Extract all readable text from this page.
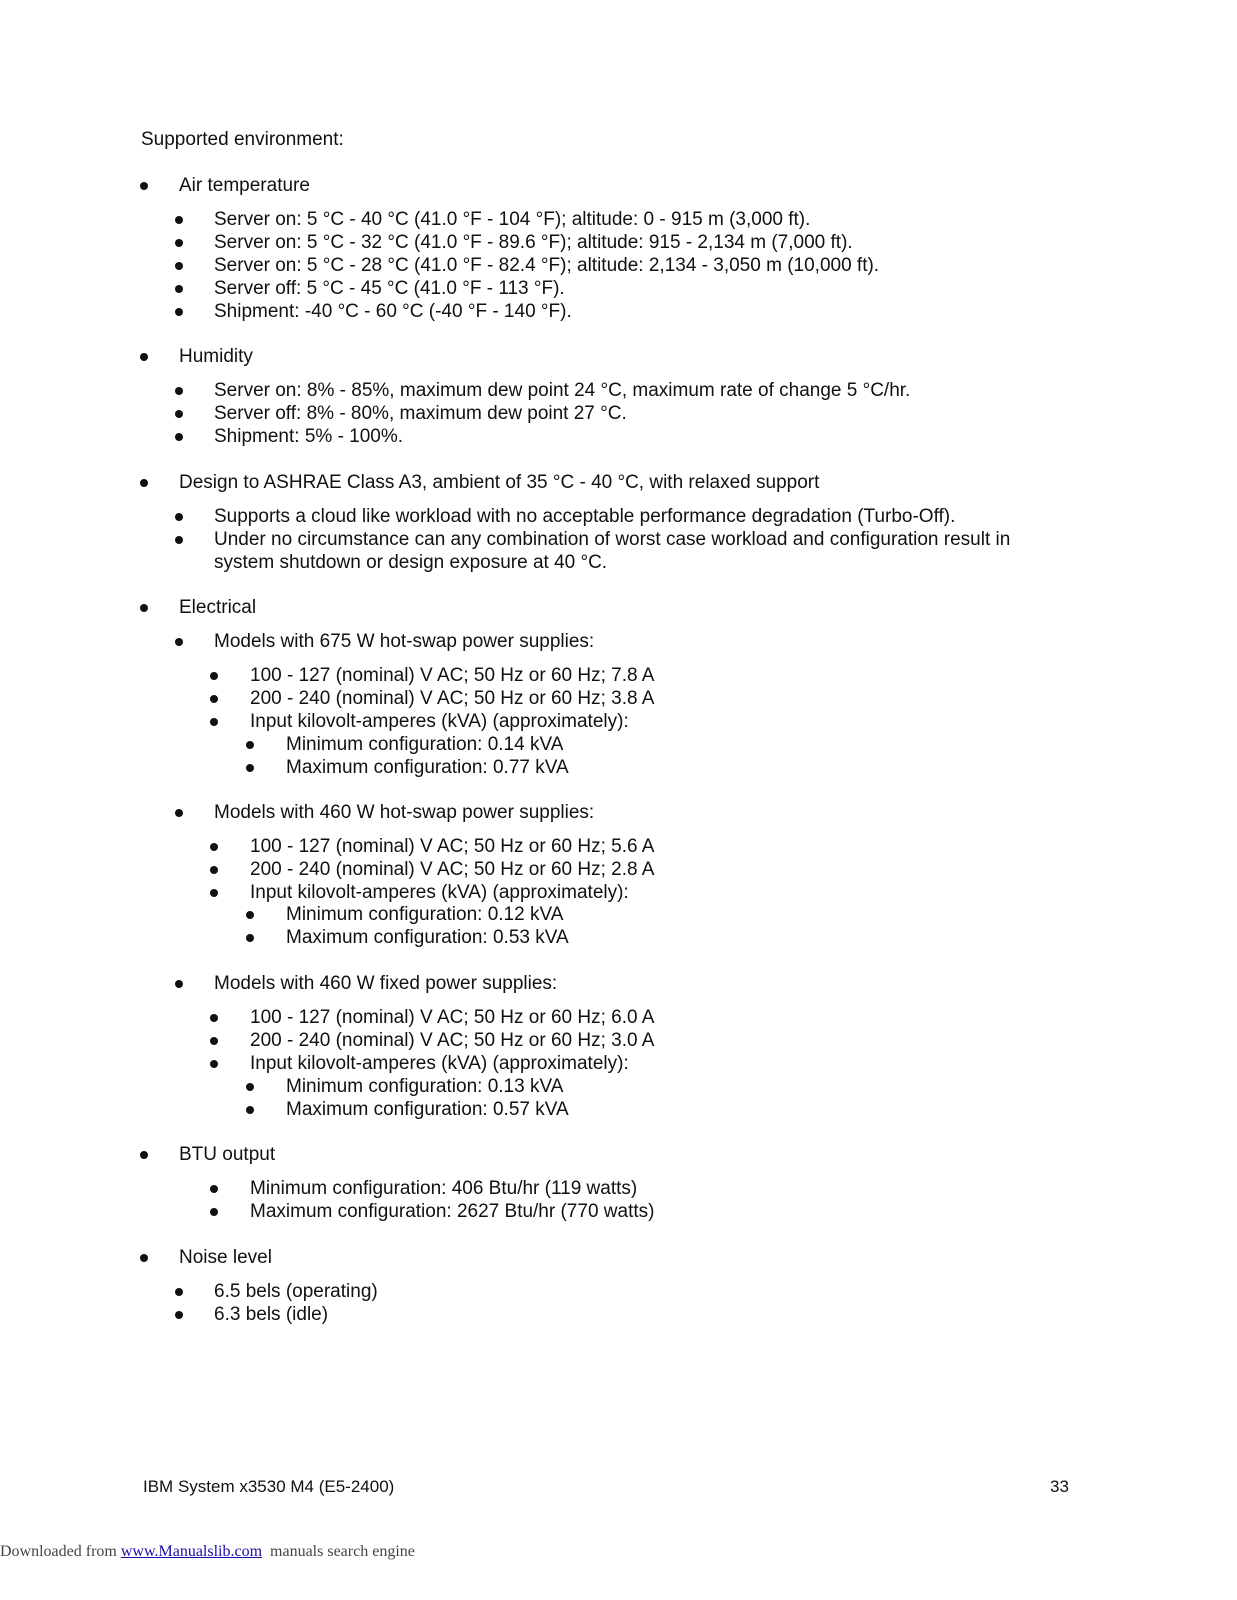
Supported environment:

Air temperature
Server on: 5 °C - 40 °C (41.0 °F - 104 °F); altitude: 0 - 915 m (3,000 ft).
Server on: 5 °C - 32 °C (41.0 °F - 89.6 °F); altitude: 915 - 2,134 m (7,000 ft).
Server on: 5 °C - 28 °C (41.0 °F - 82.4 °F); altitude: 2,134 - 3,050 m (10,000 ft).
Server off: 5 °C - 45 °C (41.0 °F - 113 °F).
Shipment: -40 °C - 60 °C (-40 °F - 140 °F).
Humidity
Server on: 8% - 85%, maximum dew point 24 °C, maximum rate of change 5 °C/hr.
Server off: 8% - 80%, maximum dew point 27 °C.
Shipment: 5% - 100%.
Design to ASHRAE Class A3, ambient of 35 °C - 40 °C, with relaxed support
Supports a cloud like workload with no acceptable performance degradation (Turbo-Off).
Under no circumstance can any combination of worst case workload and configuration result in
system shutdown or design exposure at 40 °C.
Electrical
Models with 675 W hot-swap power supplies:
100 - 127 (nominal) V AC; 50 Hz or 60 Hz; 7.8 A
200 - 240 (nominal) V AC; 50 Hz or 60 Hz; 3.8 A
Input kilovolt-amperes (kVA) (approximately):
Minimum configuration: 0.14 kVA
Maximum configuration: 0.77 kVA
Models with 460 W hot-swap power supplies:
100 - 127 (nominal) V AC; 50 Hz or 60 Hz; 5.6 A
200 - 240 (nominal) V AC; 50 Hz or 60 Hz; 2.8 A
Input kilovolt-amperes (kVA) (approximately):
Minimum configuration: 0.12 kVA
Maximum configuration: 0.53 kVA
Models with 460 W fixed power supplies:
100 - 127 (nominal) V AC; 50 Hz or 60 Hz; 6.0 A
200 - 240 (nominal) V AC; 50 Hz or 60 Hz; 3.0 A
Input kilovolt-amperes (kVA) (approximately):
Minimum configuration: 0.13 kVA
Maximum configuration: 0.57 kVA
BTU output
Minimum configuration: 406 Btu/hr (119 watts)
Maximum configuration: 2627 Btu/hr (770 watts)
Noise level
6.5 bels (operating)
6.3 bels (idle)
IBM System x3530 M4 (E5-2400)	33
Downloaded from www.Manualslib.com  manuals search engine
